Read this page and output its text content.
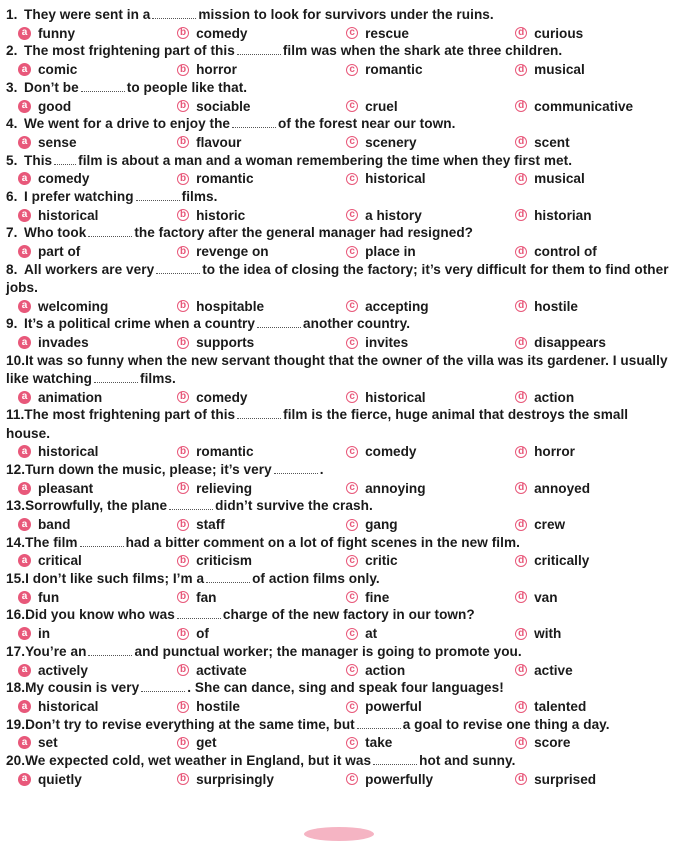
1. They were sent in a	mission to look for survivors under the ruins.

a funny	b comedy	c rescue	d curious

2. The most frightening part of this	film was when the shark ate three children.

a comic	b horror	c romantic	d musical

3. Don’t be	to people like that.

a good	b sociable	c cruel	d communicative

4. We went for a drive to enjoy the	of the forest near our town.

a sense	b flavour	c scenery	d scent

5. This film is about a man and a woman remembering the time when they first met.

a comedy	b romantic	c historical	d musical

6. I prefer watching	films.

a historical	b historic	c a history	d historian

7. Who took	the factory after the general manager had resigned?

a part of	b revenge on	c place in	d control of

8. All workers are very	to the idea of closing the factory; it’s very difficult for them to find other jobs.

a welcoming	b hospitable	c accepting	d hostile

9. It’s a political crime when a country	another country.

a invades	b supports	c invites	d disappears

10.It was so funny when the new servant thought that the owner of the villa was its gardener. I usually like watching	films.

a animation	b comedy	c historical	d action

11.The most frightening part of this	film is the fierce, huge animal that destroys the small house.

a historical	b romantic	c comedy	d horror

12.Turn down the music, please; it’s very	.

a pleasant	b relieving	c annoying	d annoyed

13.Sorrowfully, the plane	didn’t survive the crash.

a band	b staff	c gang	d crew

14.The film	had a bitter comment on a lot of fight scenes in the new film.

a critical	b criticism	c critic	d critically

15.I don’t like such films; I’m a	of action films only.

a fun	b fan	c fine	d van

16.Did you know who was	charge of the new factory in our town?

a in	b of	c at	d with

17.You’re an	and punctual worker; the manager is going to promote you.

a actively	b activate	c action	d active

18.My cousin is very	. She can dance, sing and speak four languages!

a historical	b hostile	c powerful	d talented

19.Don’t try to revise everything at the same time, but	a goal to revise one thing a day.

a set	b get	c take	d score

20.We expected cold, wet weather in England, but it was	hot and sunny.

a quietly	b surprisingly	c powerfully	d surprised
